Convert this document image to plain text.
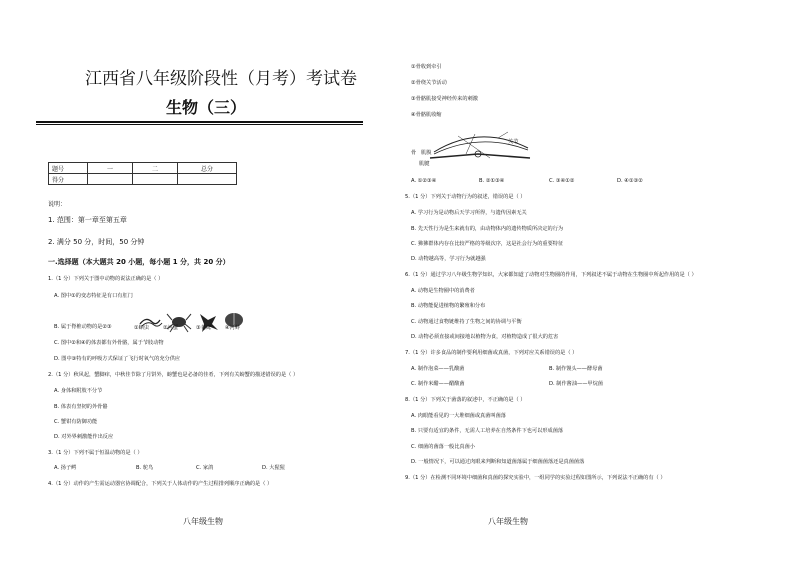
江西省八年级阶段性（月考）考试卷
生物（三）
题号	一	二	总分
得分			
说明：
1. 范围：第一章至第五章
2. 满分 50 分，时间，50 分钟
一.选择题（本大题共 20 小题，每小题 1 分，共 20 分）
1.（1 分）下列关于图中动物的说法正确的是（ ）
A. 图中①的变态特征是有口有肛门
B. 属于脊椎动物的是②③	①蛔虫	②河蟹	③老鹰	④河蚌
C. 图中②和④的体表都有外骨骼，属于节肢动物
D. 图中③特有的呼吸方式保证了飞行时氧气的充分供应
2.（1 分）秋风起，蟹脚痒，中秋佳节除了月饼外，螃蟹也是必备的佳肴，下列有关螃蟹的描述错误的是（ ）
A. 身体和附肢不分节
B. 体表有坚韧的外骨骼
C. 蟹钳有防御功能
D. 对外界刺激能作出反应
3.（1 分）下列不属于恒温动物的是（ ）
A. 扬子鳄	B. 鸵鸟	C. 家鸽	D. 大猩猩
4.（1 分）动作的产生需运动器官协调配合，下列关于人体动作的产生过程排列顺序正确的是（ ）
八年级生物
①骨收到牵引
②骨绕关节活动
③骨骼肌接受神经传来的刺激
④骨骼肌收缩
关节
骨 肌腹
肌腱
A. ①②③④	B. ②①③④	C. ③④①②	D. ④①③②
5.（1 分）下列关于动物行为的叙述，错误的是（ ）
A. 学习行为是动物后天学习所得，与遗传因素无关
B. 先天性行为是生来就有的，由动物体内的遗传物质所决定的行为
C. 狒狒群体内存在比较严格的等级次序，这是社会行为的重要特征
D. 动物越高等，学习行为就越强
6.（1 分）通过学习八年级生物学知识，大家都知道了动物对生物圈的作用，下列叙述不属于动物在生物圈中所起作用的是（ ）
A. 动物是生物圈中的消费者
B. 动物能促进植物的繁殖和分布
C. 动物通过食物链维持了生物之间的协调与平衡
D. 动物必须直接或间接地以植物为食，对植物造成了很大的危害
7.（1 分）许多食品的制作要利用细菌或真菌，下列对应关系错误的是（ ）
A. 制作泡菜——乳酸菌	B. 制作馒头——酵母菌
C. 制作米醋——醋酸菌	D. 制作酱油——甲烷菌
8.（1 分）下列关于菌落的叙述中，不正确的是（ ）
A. 肉眼能看见的一大堆细菌或真菌叫菌落
B. 只要有适宜的条件，无需人工培养在自然条件下也可以形成菌落
C. 细菌的菌落一般比真菌小
D. 一般情况下，可以通过肉眼来判断和知道菌落属于细菌菌落还是真菌菌落
9.（1 分）在检测不同环境中细菌和真菌的探究实验中，一组同学的实验过程如图所示，下列说法不正确的有（ ）
八年级生物
